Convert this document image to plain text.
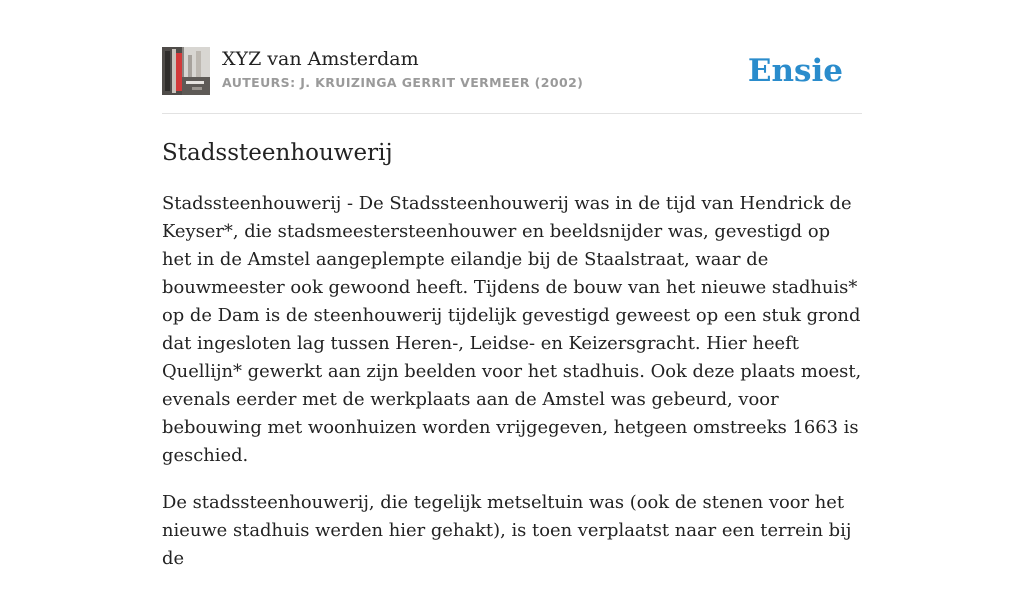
XYZ van Amsterdam
AUTEURS: J. KRUIZINGA GERRIT VERMEER (2002)	Ensie
Stadssteenhouwerij

Stadssteenhouwerij - De Stadssteenhouwerij was in de tijd van Hendrick de Keyser*, die stadsmeestersteenhouwer en beeldsnijder was, gevestigd op het in de Amstel aangeplempte eilandje bij de Staalstraat, waar de bouwmeester ook gewoond heeft. Tijdens de bouw van het nieuwe stadhuis* op de Dam is de steenhouwerij tijdelijk gevestigd geweest op een stuk grond dat ingesloten lag tussen Heren-, Leidse- en Keizersgracht. Hier heeft Quellijn* gewerkt aan zijn beelden voor het stadhuis. Ook deze plaats moest, evenals eerder met de werkplaats aan de Amstel was gebeurd, voor bebouwing met woonhuizen worden vrijgegeven, hetgeen omstreeks 1663 is geschied.

De stadssteenhouwerij, die tegelijk metseltuin was (ook de stenen voor het nieuwe stadhuis werden hier gehakt), is toen verplaatst naar een terrein bij de
